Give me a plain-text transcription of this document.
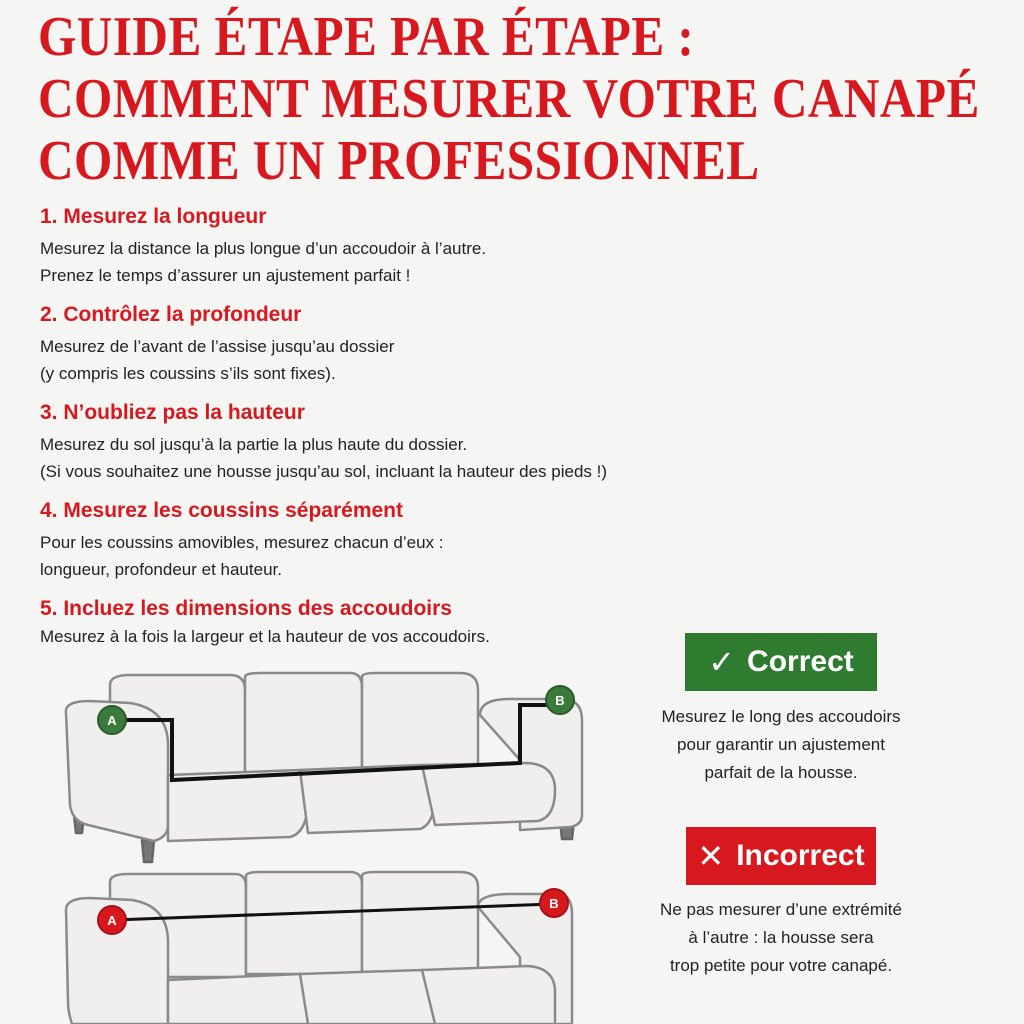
GUIDE ÉTAPE PAR ÉTAPE :
COMMENT MESURER VOTRE CANAPÉ
COMME UN PROFESSIONNEL
1. Mesurez la longueur

Mesurez la distance la plus longue d’un accoudoir à l’autre.

Prenez le temps d’assurer un ajustement parfait !

2. Contrôlez la profondeur

Mesurez de l’avant de l’assise jusqu’au dossier

(y compris les coussins s’ils sont fixes).

3. N’oubliez pas la hauteur

Mesurez du sol jusqu’à la partie la plus haute du dossier.

(Si vous souhaitez une housse jusqu’au sol, incluant la hauteur des pieds !)

4. Mesurez les coussins séparément

Pour les coussins amovibles, mesurez chacun d’eux :

longueur, profondeur et hauteur.

5. Incluez les dimensions des accoudoirs

Mesurez à la fois la largeur et la hauteur de vos accoudoirs.

A
B
A
B
✓ Correct
Mesurez le long des accoudoirs
pour garantir un ajustement
parfait de la housse.
✕ Incorrect
Ne pas mesurer d’une extrémité
à l’autre : la housse sera
trop petite pour votre canapé.
